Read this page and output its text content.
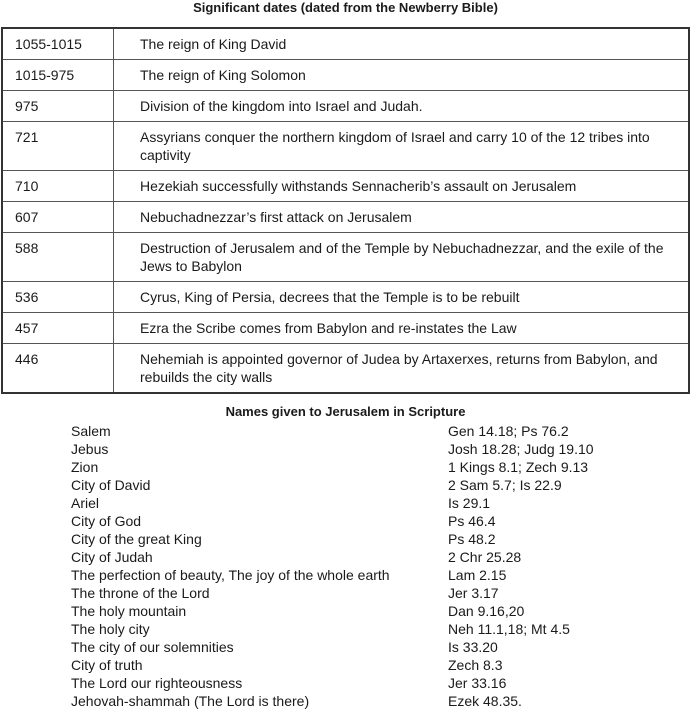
Significant dates (dated from the Newberry Bible)
1055-1015	The reign of King David
1015-975	The reign of King Solomon
975	Division of the kingdom into Israel and Judah.
721	Assyrians conquer the northern kingdom of Israel and carry 10 of the 12 tribes into captivity
710	Hezekiah successfully withstands Sennacherib’s assault on Jerusalem
607	Nebuchadnezzar’s first attack on Jerusalem
588	Destruction of Jerusalem and of the Temple by Nebuchadnezzar, and the exile of the Jews to Babylon
536	Cyrus, King of Persia, decrees that the Temple is to be rebuilt
457	Ezra the Scribe comes from Babylon and re-instates the Law
446	Nehemiah is appointed governor of Judea by Artaxerxes, returns from Babylon, and rebuilds the city walls
Names given to Jerusalem in Scripture
Salem	Gen 14.18; Ps 76.2
Jebus	Josh 18.28; Judg 19.10
Zion	1 Kings 8.1; Zech 9.13
City of David	2 Sam 5.7; Is 22.9
Ariel	Is 29.1
City of God	Ps 46.4
City of the great King	Ps 48.2
City of Judah	2 Chr 25.28
The perfection of beauty, The joy of the whole earth	Lam 2.15
The throne of the Lord	Jer 3.17
The holy mountain	Dan 9.16,20
The holy city	Neh 11.1,18; Mt 4.5
The city of our solemnities	Is 33.20
City of truth	Zech 8.3
The Lord our righteousness	Jer 33.16
Jehovah-shammah (The Lord is there)	Ezek 48.35.
